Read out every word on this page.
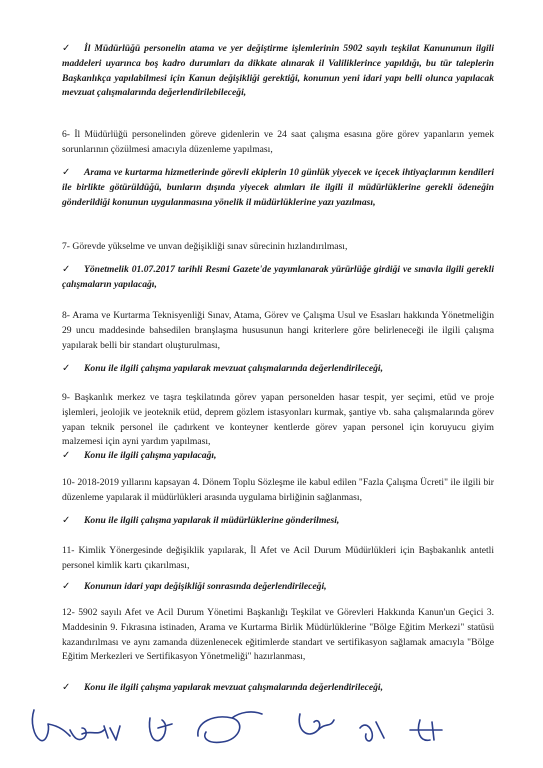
✓ İl Müdürlüğü personelin atama ve yer değiştirme işlemlerinin 5902 sayılı teşkilat Kanununun ilgili maddeleri uyarınca boş kadro durumları da dikkate alınarak il Valiliklerince yapıldığı, bu tür taleplerin Başkanlıkça yapılabilmesi için Kanun değişikliği gerektiği, konunun yeni idari yapı belli olunca yapılacak mevzuat çalışmalarında değerlendirilebileceği,

6- İl Müdürlüğü personelinden göreve gidenlerin ve 24 saat çalışma esasına göre görev yapanların yemek sorunlarının çözülmesi amacıyla düzenleme yapılması,

✓ Arama ve kurtarma hizmetlerinde görevli ekiplerin 10 günlük yiyecek ve içecek ihtiyaçlarının kendileri ile birlikte götürüldüğü, bunların dışında yiyecek alımları ile ilgili il müdürlüklerine gerekli ödeneğin gönderildiği konunun uygulanmasına yönelik il müdürlüklerine yazı yazılması,

7- Görevde yükselme ve unvan değişikliği sınav sürecinin hızlandırılması,

✓ Yönetmelik 01.07.2017 tarihli Resmi Gazete'de yayımlanarak yürürlüğe girdiği ve sınavla ilgili gerekli çalışmaların yapılacağı,

8- Arama ve Kurtarma Teknisyenliği Sınav, Atama, Görev ve Çalışma Usul ve Esasları hakkında Yönetmeliğin 29 uncu maddesinde bahsedilen branşlaşma hususunun hangi kriterlere göre belirleneceği ile ilgili çalışma yapılarak belli bir standart oluşturulması,

✓ Konu ile ilgili çalışma yapılarak mevzuat çalışmalarında değerlendirileceği,

9- Başkanlık merkez ve taşra teşkilatında görev yapan personelden hasar tespit, yer seçimi, etüd ve proje işlemleri, jeolojik ve jeoteknik etüd, deprem gözlem istasyonları kurmak, şantiye vb. saha çalışmalarında görev yapan teknik personel ile çadırkent ve konteyner kentlerde görev yapan personel için koruyucu giyim malzemesi için ayni yardım yapılması,

✓ Konu ile ilgili çalışma yapılacağı,

10- 2018-2019 yıllarını kapsayan 4. Dönem Toplu Sözleşme ile kabul edilen "Fazla Çalışma Ücreti" ile ilgili bir düzenleme yapılarak il müdürlükleri arasında uygulama birliğinin sağlanması,

✓ Konu ile ilgili çalışma yapılarak il müdürlüklerine gönderilmesi,

11- Kimlik Yönergesinde değişiklik yapılarak, İl Afet ve Acil Durum Müdürlükleri için Başbakanlık antetli personel kimlik kartı çıkarılması,

✓ Konunun idari yapı değişikliği sonrasında değerlendirileceği,

12- 5902 sayılı Afet ve Acil Durum Yönetimi Başkanlığı Teşkilat ve Görevleri Hakkında Kanun'un Geçici 3. Maddesinin 9. Fıkrasına istinaden, Arama ve Kurtarma Birlik Müdürlüklerine "Bölge Eğitim Merkezi" statüsü kazandırılması ve aynı zamanda düzenlenecek eğitimlerde standart ve sertifikasyon sağlamak amacıyla "Bölge Eğitim Merkezleri ve Sertifikasyon Yönetmeliği" hazırlanması,

✓ Konu ile ilgili çalışma yapılarak mevzuat çalışmalarında değerlendirileceği,
